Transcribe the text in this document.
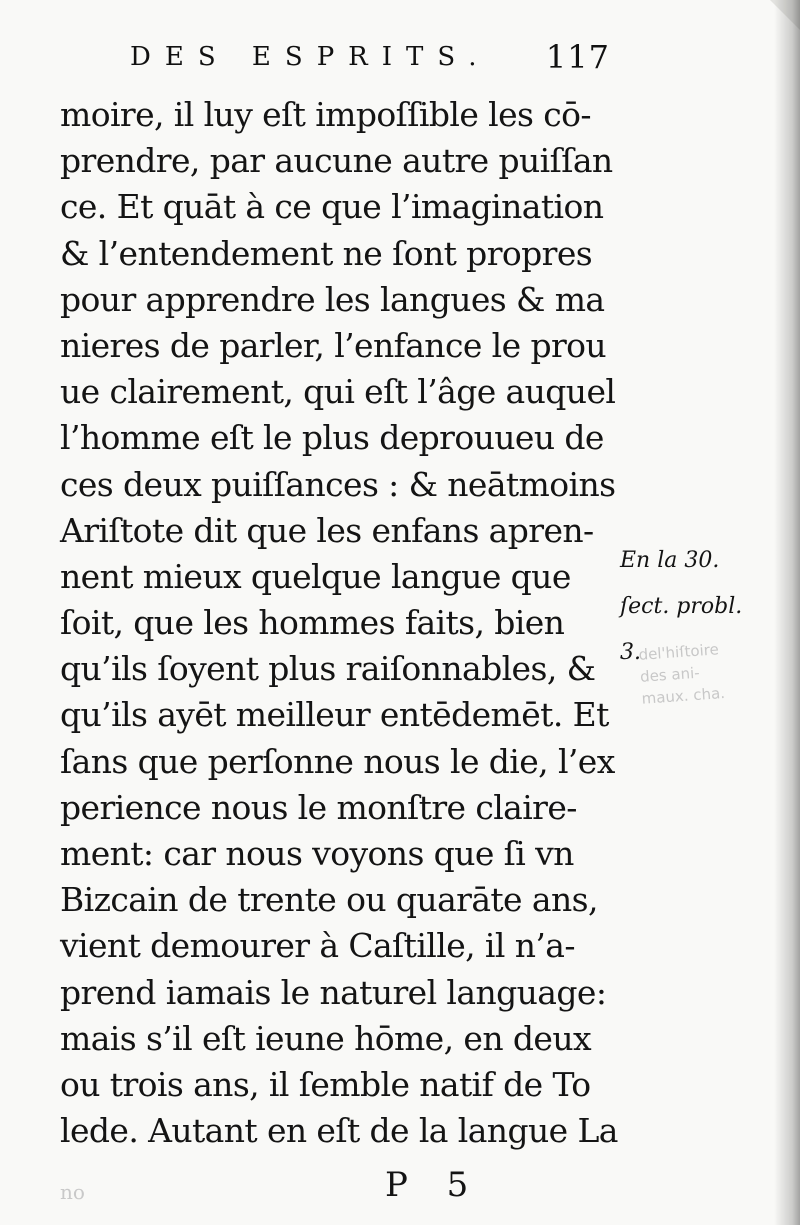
DES ESPRITS. 117
moire, il luy eſt impoſſible les cō-
prendre, par aucune autre puiſſan
ce. Et quāt à ce que l’imagination
& l’entendement ne ſont propres
pour apprendre les langues & ma
nieres de parler, l’enfance le prou
ue clairement, qui eſt l’âge auquel
l’homme eſt le plus deprouueu de
ces deux puiſſances : & neātmoins
Ariſtote dit que les enfans apren-
nent mieux quelque langue que
ſoit, que les hommes faits, bien
qu’ils ſoyent plus raiſonnables, &
qu’ils ayēt meilleur entēdemēt. Et
ſans que perſonne nous le die, l’ex
perience nous le monſtre claire-
ment: car nous voyons que ſi vn
Bizcain de trente ou quarāte ans,
vient demourer à Caſtille, il n’a-
prend iamais le naturel language:
mais s’il eſt ieune hōme, en deux
ou trois ans, il ſemble natif de To
lede. Autant en eſt de la langue La
En la 30.
ſect. probl.
3.
del'hiſtoire
des ani-
maux. cha.
no	P 5
